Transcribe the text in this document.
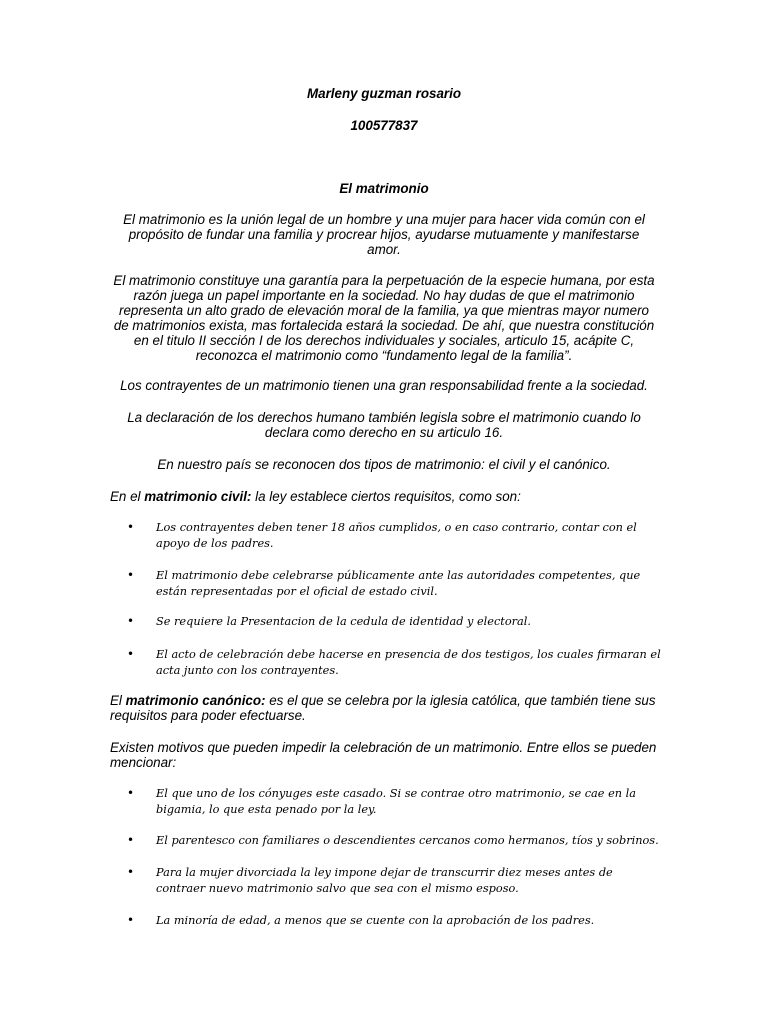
Marleny guzman rosario

100577837

El matrimonio

El matrimonio es la unión legal de un hombre y una mujer para hacer vida común con el propósito de fundar una familia y procrear hijos, ayudarse mutuamente y manifestarse amor.

El matrimonio constituye una garantía para la perpetuación de la especie humana, por esta razón juega un papel importante en la sociedad. No hay dudas de que el matrimonio representa un alto grado de elevación moral de la familia, ya que mientras mayor numero de matrimonios exista, mas fortalecida estará la sociedad. De ahí, que nuestra constitución en el titulo II sección I de los derechos individuales y sociales, articulo 15, acápite C, reconozca el matrimonio como “fundamento legal de la familia”.

Los contrayentes de un matrimonio tienen una gran responsabilidad frente a la sociedad.

La declaración de los derechos humano también legisla sobre el matrimonio cuando lo declara como derecho en su articulo 16.

En nuestro país se reconocen dos tipos de matrimonio: el civil y el canónico.

En el matrimonio civil: la ley establece ciertos requisitos, como son:

• Los contrayentes deben tener 18 años cumplidos, o en caso contrario, contar con el apoyo de los padres.
• El matrimonio debe celebrarse públicamente ante las autoridades competentes, que están representadas por el oficial de estado civil.
• Se requiere la Presentacion de la cedula de identidad y electoral.
• El acto de celebración debe hacerse en presencia de dos testigos, los cuales firmaran el acta junto con los contrayentes.

El matrimonio canónico: es el que se celebra por la iglesia católica, que también tiene sus requisitos para poder efectuarse.

Existen motivos que pueden impedir la celebración de un matrimonio. Entre ellos se pueden mencionar:

• El que uno de los cónyuges este casado. Si se contrae otro matrimonio, se cae en la bigamia, lo que esta penado por la ley.
• El parentesco con familiares o descendientes cercanos como hermanos, tíos y sobrinos.
• Para la mujer divorciada la ley impone dejar de transcurrir diez meses antes de contraer nuevo matrimonio salvo que sea con el mismo esposo.
• La minoría de edad, a menos que se cuente con la aprobación de los padres.
